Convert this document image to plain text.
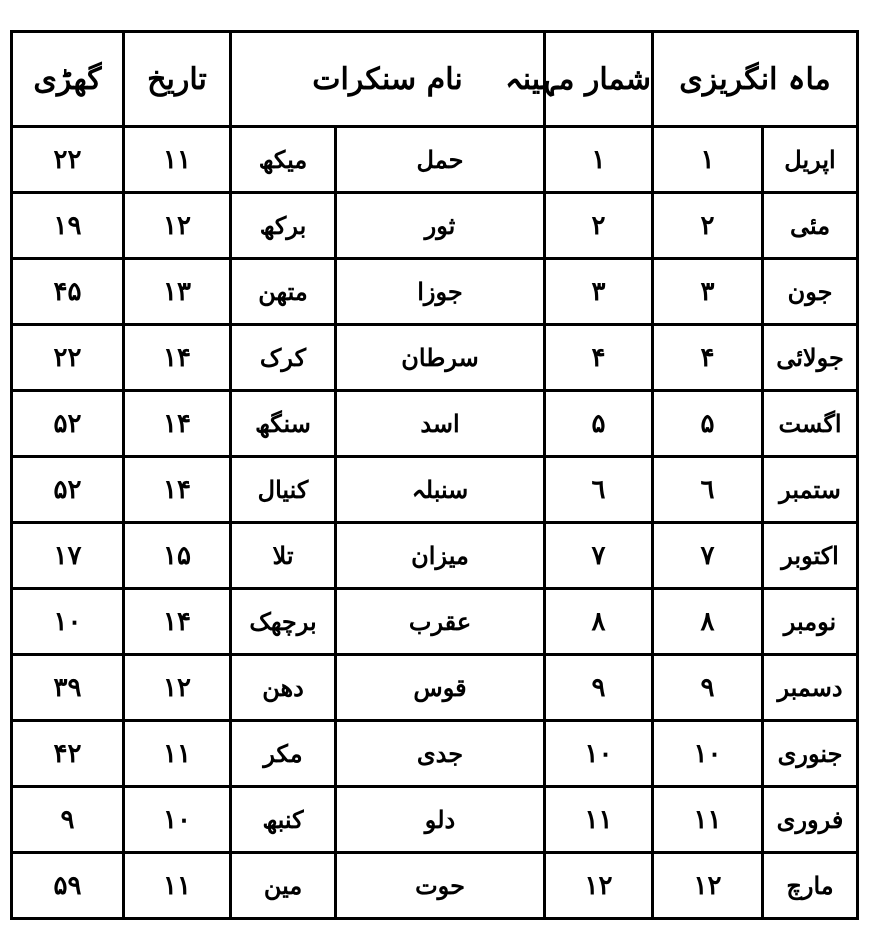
ماہ انگریزی		شمار مہینہ	نام سنکرات		تاریخ	گھڑی	
اپریل	١	١	حمل	میکھ	١١	٢٢	
مئی	٢	٢	ثور	برکھ	١٢	١٩	
جون	٣	٣	جوزا	متھن	١٣	۴۵	
جولائی	۴	۴	سرطان	کرک	١۴	٢٢	
اگست	۵	۵	اسد	سنگھ	١۴	۵٢	
ستمبر	٦	٦	سنبلہ	کنیال	١۴	۵٢	
اکتوبر	٧	٧	میزان	تلا	١۵	١٧	
نومبر	٨	٨	عقرب	برچھک	١۴	١٠	
دسمبر	٩	٩	قوس	دھن	١٢	٣٩	
جنوری	١٠	١٠	جدی	مکر	١١	۴٢	
فروری	١١	١١	دلو	کنبھ	١٠	٩	
مارچ	١٢	١٢	حوت	مین	١١	۵٩	
